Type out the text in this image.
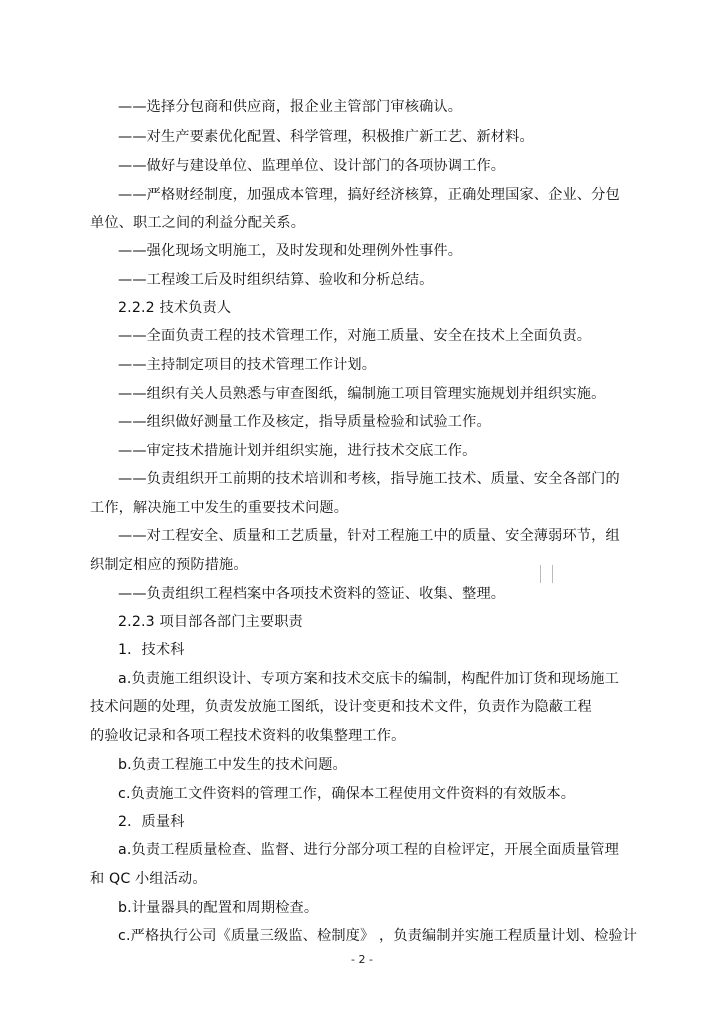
——选择分包商和供应商，报企业主管部门审核确认。
——对生产要素优化配置、科学管理，积极推广新工艺、新材料。
——做好与建设单位、监理单位、设计部门的各项协调工作。
——严格财经制度，加强成本管理，搞好经济核算，正确处理国家、企业、分包
单位、职工之间的利益分配关系。
——强化现场文明施工，及时发现和处理例外性事件。
——工程竣工后及时组织结算、验收和分析总结。
2.2.2 技术负责人
——全面负责工程的技术管理工作，对施工质量、安全在技术上全面负责。
——主持制定项目的技术管理工作计划。
——组织有关人员熟悉与审查图纸，编制施工项目管理实施规划并组织实施。
——组织做好测量工作及核定，指导质量检验和试验工作。
——审定技术措施计划并组织实施，进行技术交底工作。
——负责组织开工前期的技术培训和考核，指导施工技术、质量、安全各部门的
工作，解决施工中发生的重要技术问题。
——对工程安全、质量和工艺质量，针对工程施工中的质量、安全薄弱环节，组
织制定相应的预防措施。
——负责组织工程档案中各项技术资料的签证、收集、整理。
2.2.3 项目部各部门主要职责
1．技术科
a.负责施工组织设计、专项方案和技术交底卡的编制，构配件加订货和现场施工
技术问题的处理，负责发放施工图纸，设计变更和技术文件，负责作为隐蔽工程
的验收记录和各项工程技术资料的收集整理工作。
b.负责工程施工中发生的技术问题。
c.负责施工文件资料的管理工作，确保本工程使用文件资料的有效版本。
2．质量科
a.负责工程质量检查、监督、进行分部分项工程的自检评定，开展全面质量管理
和 QC 小组活动。
b.计量器具的配置和周期检查。
c.严格执行公司《质量三级监、检制度》 ，负责编制并实施工程质量计划、检验计
- 2 -
